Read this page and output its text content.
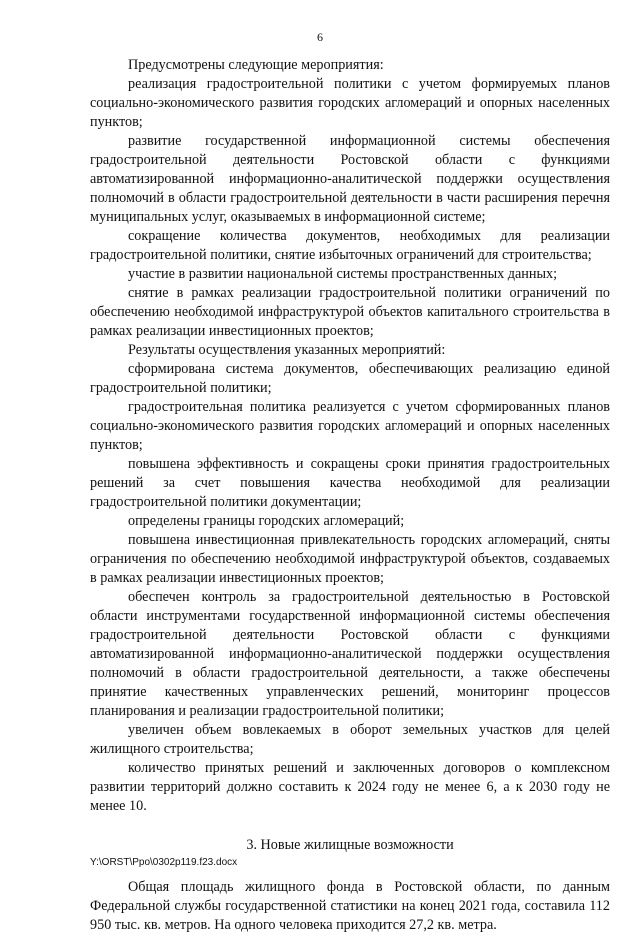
6

Предусмотрены следующие мероприятия:

реализация градостроительной политики с учетом формируемых планов социально-экономического развития городских агломераций и опорных населенных пунктов;

развитие государственной информационной системы обеспечения градостроительной деятельности Ростовской области с функциями автоматизированной информационно-аналитической поддержки осуществления полномочий в области градостроительной деятельности в части расширения перечня муниципальных услуг, оказываемых в информационной системе;

сокращение количества документов, необходимых для реализации градостроительной политики, снятие избыточных ограничений для строительства;

участие в развитии национальной системы пространственных данных;

снятие в рамках реализации градостроительной политики ограничений по обеспечению необходимой инфраструктурой объектов капитального строительства в рамках реализации инвестиционных проектов;

Результаты осуществления указанных мероприятий:

сформирована система документов, обеспечивающих реализацию единой градостроительной политики;

градостроительная политика реализуется с учетом сформированных планов социально-экономического развития городских агломераций и опорных населенных пунктов;

повышена эффективность и сокращены сроки принятия градостроительных решений за счет повышения качества необходимой для реализации градостроительной политики документации;

определены границы городских агломераций;

повышена инвестиционная привлекательность городских агломераций, сняты ограничения по обеспечению необходимой инфраструктурой объектов, создаваемых в рамках реализации инвестиционных проектов;

обеспечен контроль за градостроительной деятельностью в Ростовской области инструментами государственной информационной системы обеспечения градостроительной деятельности Ростовской области с функциями автоматизированной информационно-аналитической поддержки осуществления полномочий в области градостроительной деятельности, а также обеспечены принятие качественных управленческих решений, мониторинг процессов планирования и реализации градостроительной политики;

увеличен объем вовлекаемых в оборот земельных участков для целей жилищного строительства;

количество принятых решений и заключенных договоров о комплексном развитии территорий должно составить к 2024 году не менее 6, а к 2030 году не менее 10.

3. Новые жилищные возможности

Общая площадь жилищного фонда в Ростовской области, по данным Федеральной службы государственной статистики на конец 2021 года, составила 112 950 тыс. кв. метров. На одного человека приходится 27,2 кв. метра.

Y:\ORST\Ppo\0302p119.f23.docx
